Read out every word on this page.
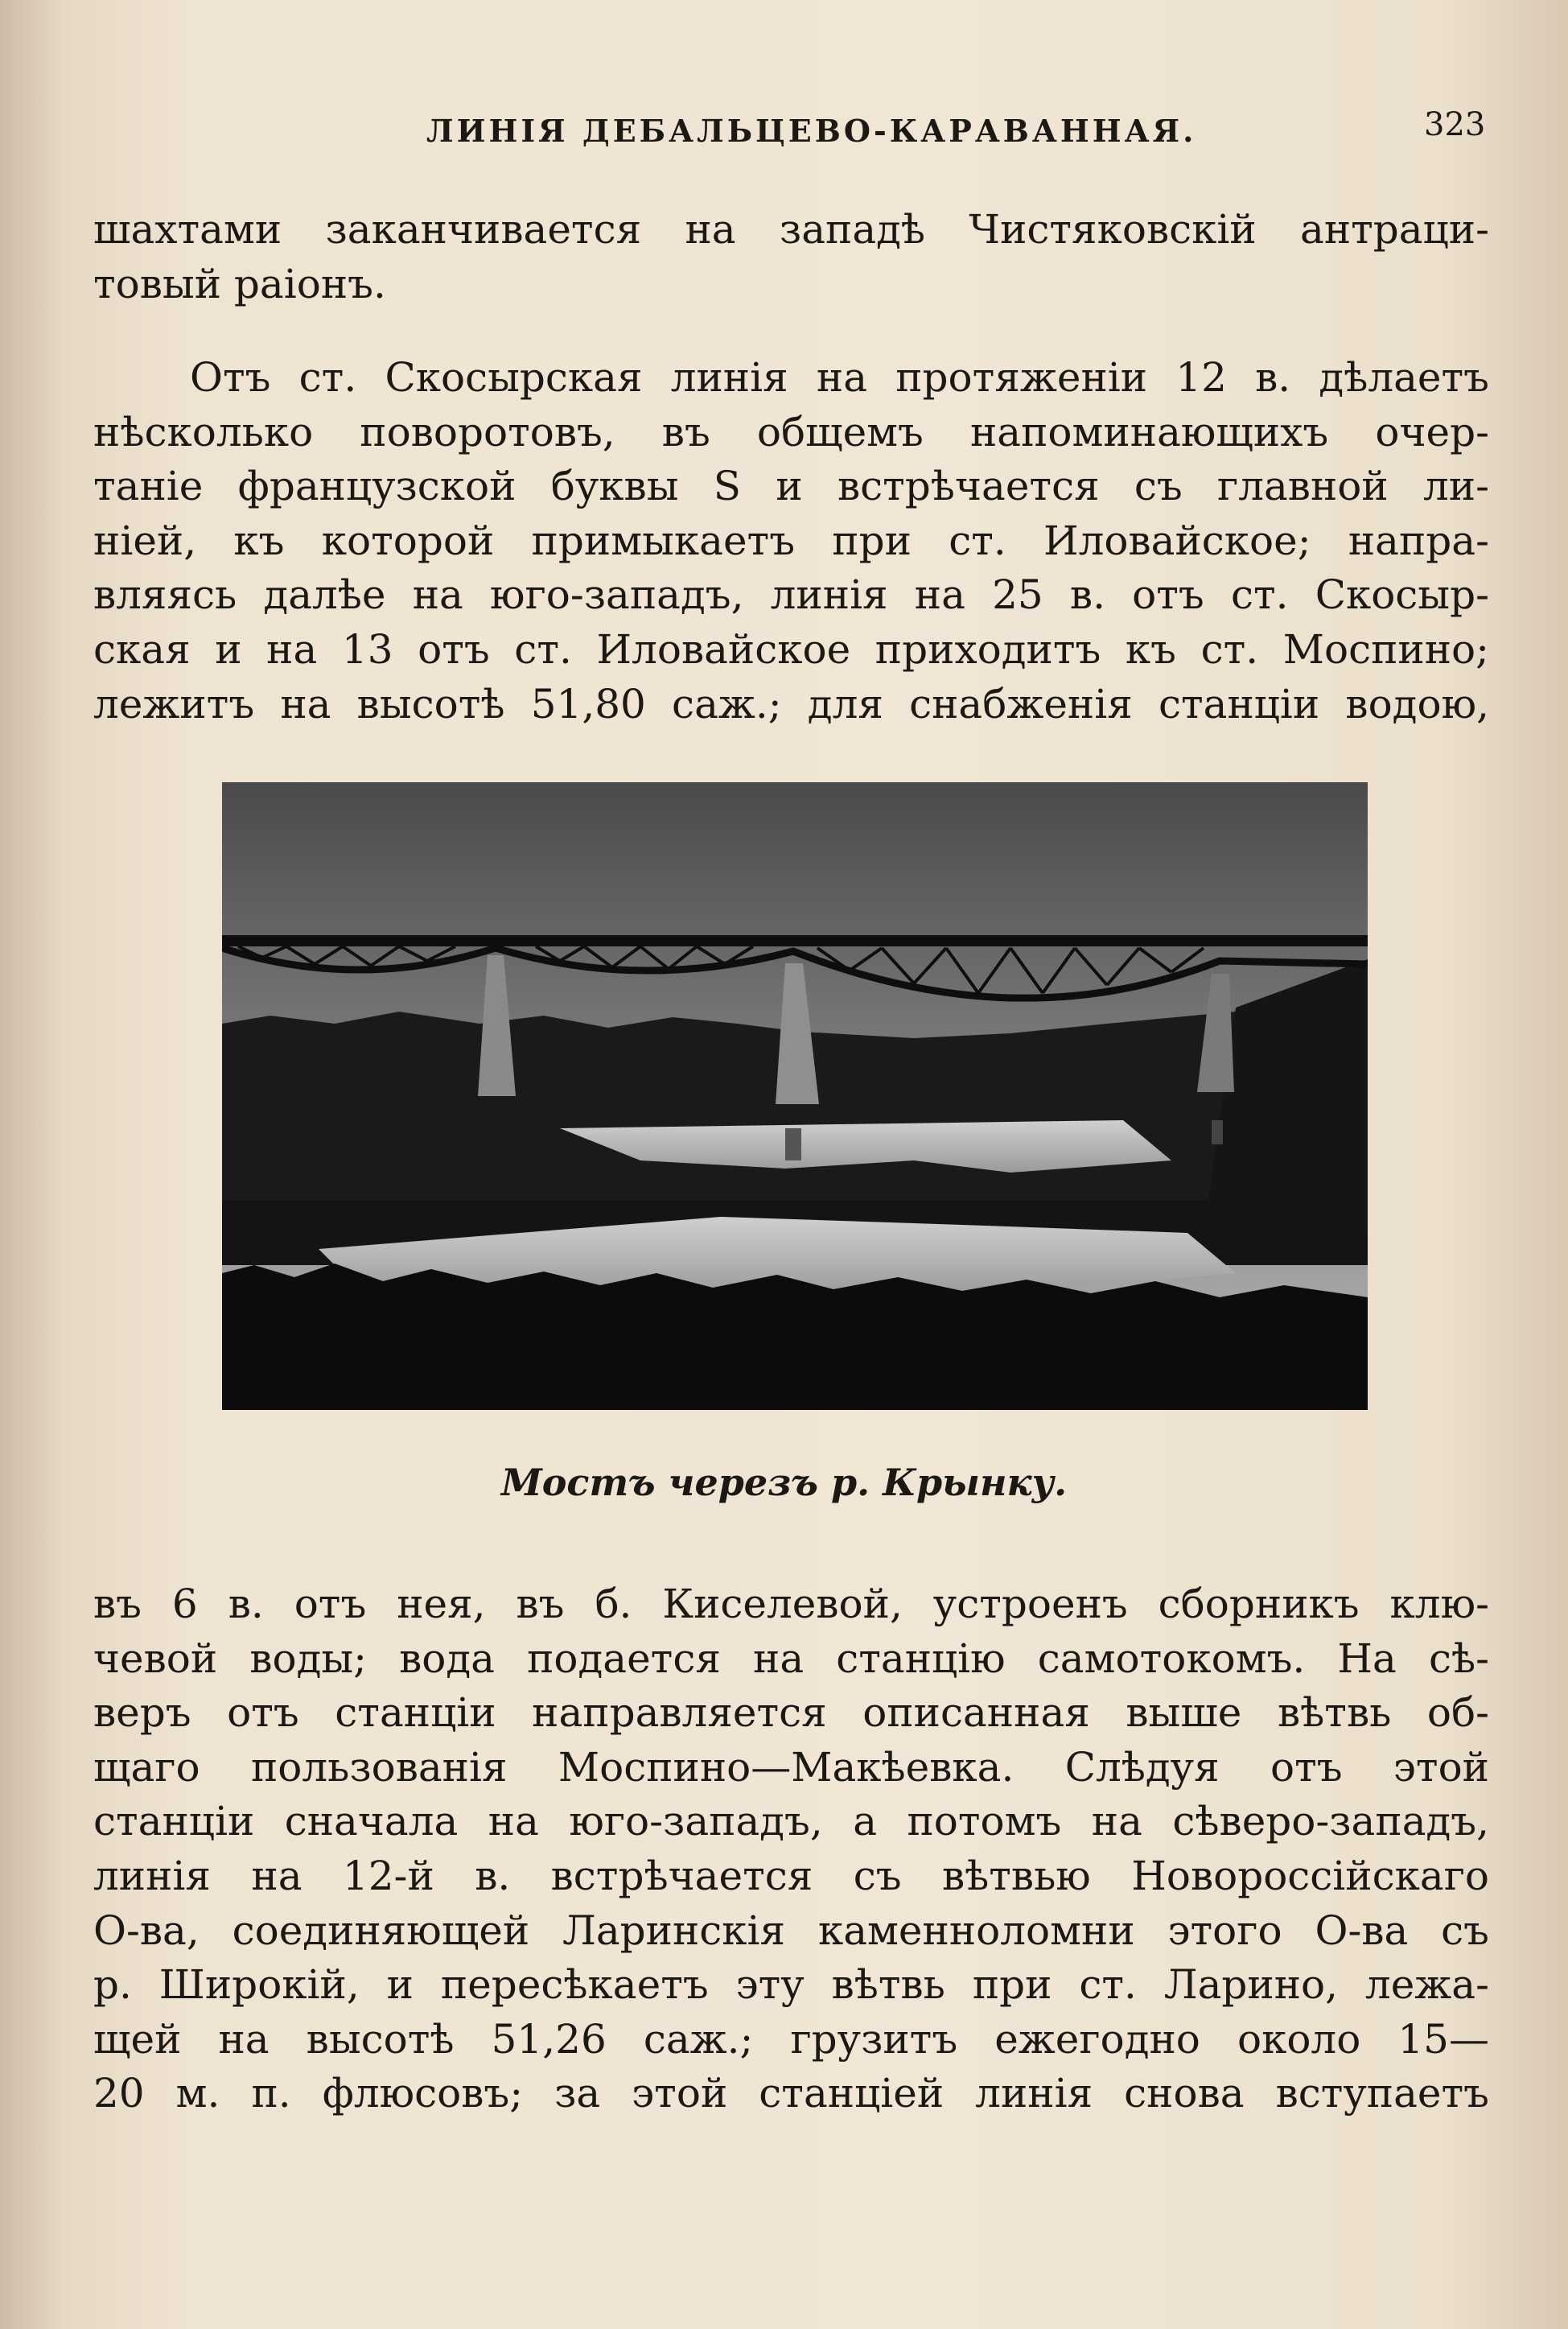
ЛИНІЯ ДЕБАЛЬЦЕВО-КАРАВАННАЯ.	323
шахтами заканчивается на западѣ Чистяковскій антраци-
товый раіонъ.
Отъ ст. Скосырская линія на протяженіи 12 в. дѣлаетъ
нѣсколько поворотовъ, въ общемъ напоминающихъ очер-
таніе французской буквы S и встрѣчается съ главной ли-
ніей, къ которой примыкаетъ при ст. Иловайское; напра-
вляясь далѣе на юго-западъ, линія на 25 в. отъ ст. Скосыр-
ская и на 13 отъ ст. Иловайское приходитъ къ ст. Моспино;
лежитъ на высотѣ 51,80 саж.; для снабженія станціи водою,
Мостъ черезъ р. Крынку.
въ 6 в. отъ нея, въ б. Киселевой, устроенъ сборникъ клю-
чевой воды; вода подается на станцію самотокомъ. На сѣ-
веръ отъ станціи направляется описанная выше вѣтвь об-
щаго пользованія Моспино—Макѣевка. Слѣдуя отъ этой
станціи сначала на юго-западъ, а потомъ на сѣверо-западъ,
линія на 12-й в. встрѣчается съ вѣтвью Новороссійскаго
О-ва, соединяющей Ларинскія каменноломни этого О-ва съ
р. Широкій, и пересѣкаетъ эту вѣтвь при ст. Ларино, лежа-
щей на высотѣ 51,26 саж.; грузитъ ежегодно около 15—
20 м. п. флюсовъ; за этой станціей линія снова вступаетъ
